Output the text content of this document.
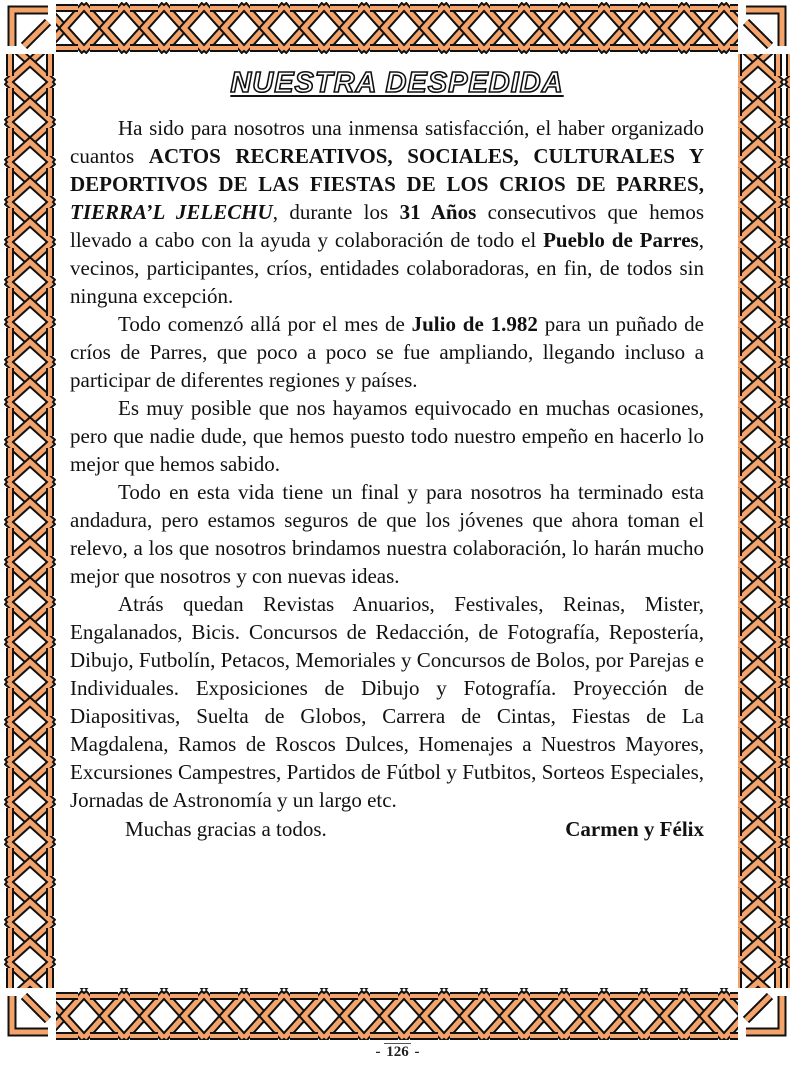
NUESTRA DESPEDIDA

Ha sido para nosotros una inmensa satisfacción, el haber organizado cuantos ACTOS RECREATIVOS, SOCIALES, CULTURALES Y DEPORTIVOS DE LAS FIESTAS DE LOS CRIOS DE PARRES, TIERRA’L JELECHU, durante los 31 Años consecutivos que hemos llevado a cabo con la ayuda y colaboración de todo el Pueblo de Parres, vecinos, participantes, críos, entidades colaboradoras, en fin, de todos sin ninguna excepción.

Todo comenzó allá por el mes de Julio de 1.982 para un puñado de críos de Parres, que poco a poco se fue ampliando, llegando incluso a participar de diferentes regiones y países.

Es muy posible que nos hayamos equivocado en muchas ocasiones, pero que nadie dude, que hemos puesto todo nuestro empeño en hacerlo lo mejor que hemos sabido.

Todo en esta vida tiene un final y para nosotros ha terminado esta andadura, pero estamos seguros de que los jóvenes que ahora toman el relevo, a los que nosotros brindamos nuestra colaboración, lo harán mucho mejor que nosotros y con nuevas ideas.

Atrás quedan Revistas Anuarios, Festivales, Reinas, Mister, Engalanados, Bicis. Concursos de Redacción, de Fotografía, Repostería, Dibujo, Futbolín, Petacos, Memoriales y Concursos de Bolos, por Parejas e Individuales. Exposiciones de Dibujo y Fotografía. Proyección de Diapositivas, Suelta de Globos, Carrera de Cintas, Fiestas de La Magdalena, Ramos de Roscos Dulces, Homenajes a Nuestros Mayores, Excursiones Campestres, Partidos de Fútbol y Futbitos, Sorteos Especiales, Jornadas de Astronomía y un largo etc.

Muchas gracias a todos.	Carmen y Félix
- 126 -
